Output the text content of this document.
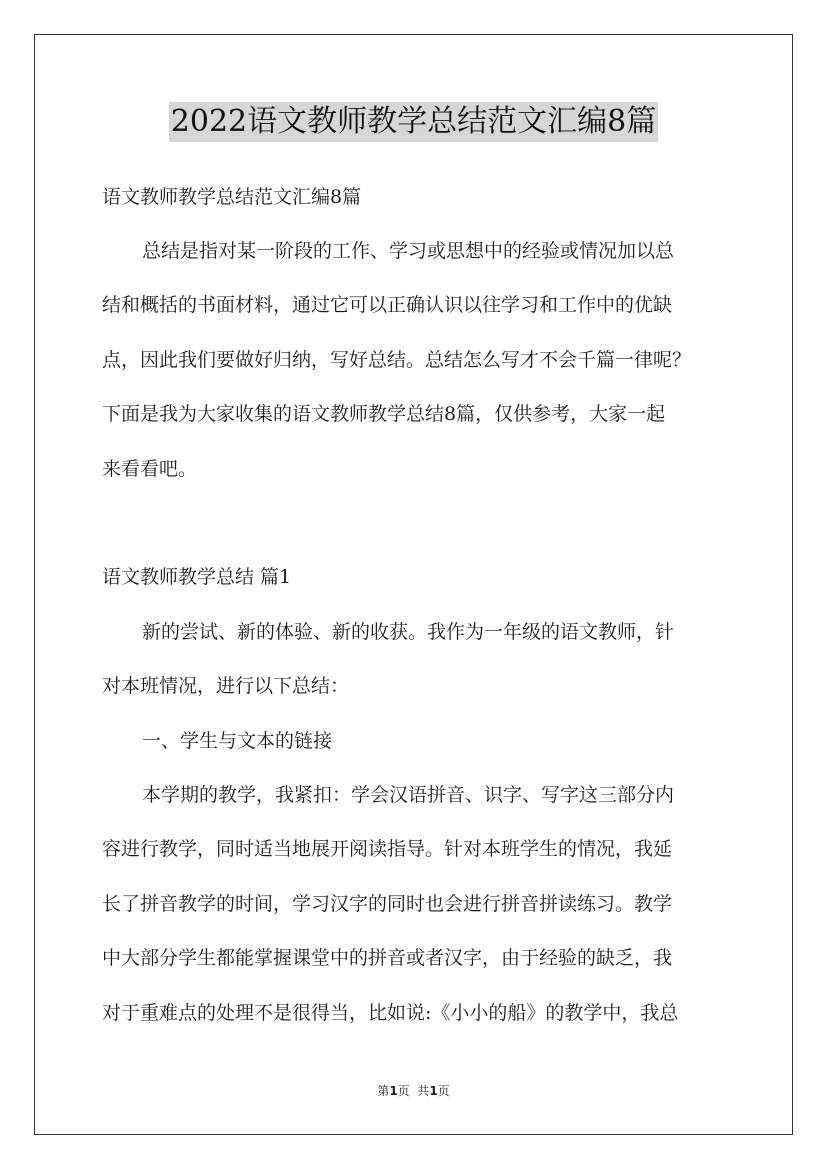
2022语文教师教学总结范文汇编8篇
语文教师教学总结范文汇编8篇
总结是指对某一阶段的工作、学习或思想中的经验或情况加以总
结和概括的书面材料，通过它可以正确认识以往学习和工作中的优缺
点，因此我们要做好归纳，写好总结。总结怎么写才不会千篇一律呢？
下面是我为大家收集的语文教师教学总结8篇，仅供参考，大家一起
来看看吧。
语文教师教学总结 篇1
新的尝试、新的体验、新的收获。我作为一年级的语文教师，针
对本班情况，进行以下总结：
一、学生与文本的链接
本学期的教学，我紧扣：学会汉语拼音、识字、写字这三部分内
容进行教学，同时适当地展开阅读指导。针对本班学生的情况，我延
长了拼音教学的时间，学习汉字的同时也会进行拼音拼读练习。教学
中大部分学生都能掌握课堂中的拼音或者汉字，由于经验的缺乏，我
对于重难点的处理不是很得当，比如说:《小小的船》的教学中，我总
第1页  共1页
